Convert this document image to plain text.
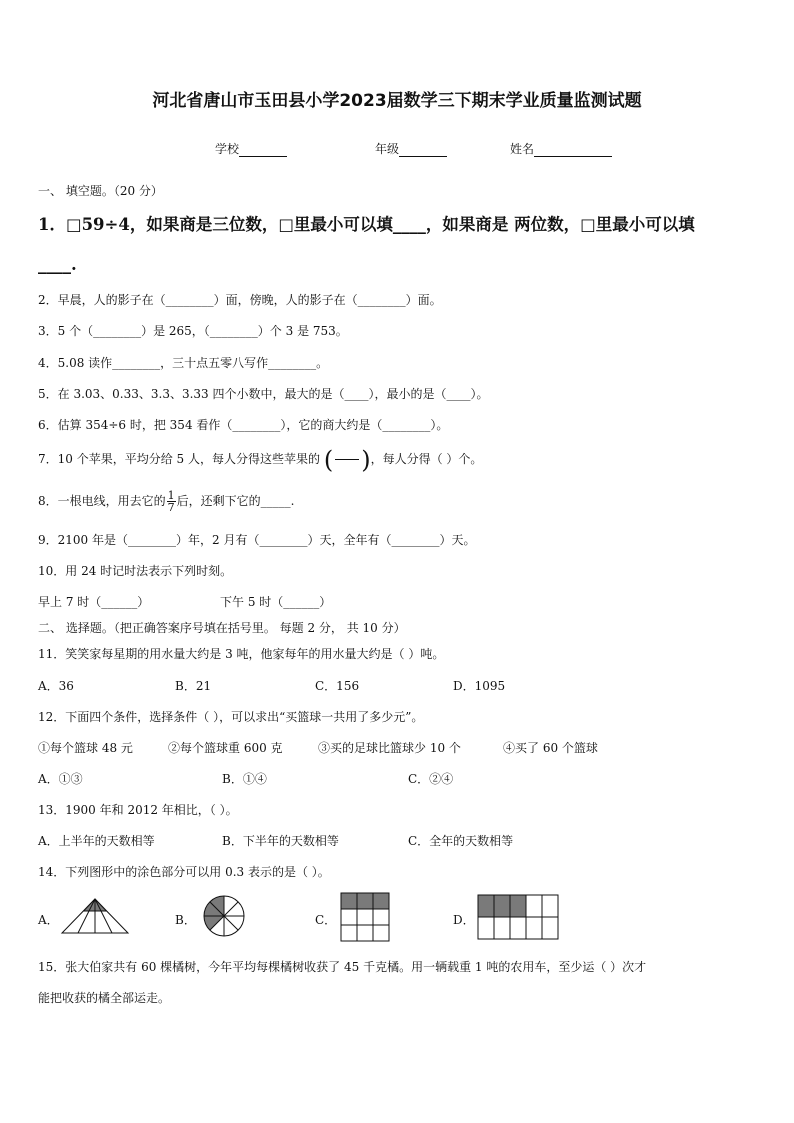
河北省唐山市玉田县小学2023届数学三下期末学业质量监测试题
学校	年级	姓名
一、 填空题。（20 分）
1．□59÷4，如果商是三位数，□里最小可以填____，如果商是 两位数，□里最小可以填
____.
2．早晨，人的影子在（________）面，傍晚，人的影子在（________）面。
3．5 个（________）是 265，（________）个 3 是 753。
4．5.08 读作________，三十点五零八写作________。
5．在 3.03、0.33、3.3、3.33 四个小数中，最大的是（____），最小的是（____）。
6．估算 354÷6 时，把 354 看作（________），它的商大约是（________）。
7．10 个苹果，平均分给 5 人，每人分得这些苹果的 ( )，每人分得（ ）个。
8．一根电线，用去它的 $\frac{1}{7}$ 后，还剩下它的_____.
9．2100 年是（________）年，2 月有（________）天，全年有（________）天。
10．用 24 时记时法表示下列时刻。
早上 7 时（______）	下午 5 时（______）
二、 选择题。（把正确答案序号填在括号里。 每题 2 分， 共 10 分）
11．笑笑家每星期的用水量大约是 3 吨，他家每年的用水量大约是（ ）吨。
A．36	B．21	C．156	D．1095
12．下面四个条件，选择条件（ ），可以求出“买篮球一共用了多少元”。
①每个篮球 48 元	②每个篮球重 600 克	③买的足球比篮球少 10 个	④买了 60 个篮球
A．①③	B．①④	C．②④
13．1900 年和 2012 年相比，（ ）。
A．上半年的天数相等	B．下半年的天数相等	C．全年的天数相等
14．下列图形中的涂色部分可以用 0.3 表示的是（ ）。
A．	B．	C．	D．
15．张大伯家共有 60 棵橘树，今年平均每棵橘树收获了 45 千克橘。用一辆载重 1 吨的农用车，至少运（ ）次才
能把收获的橘全部运走。
